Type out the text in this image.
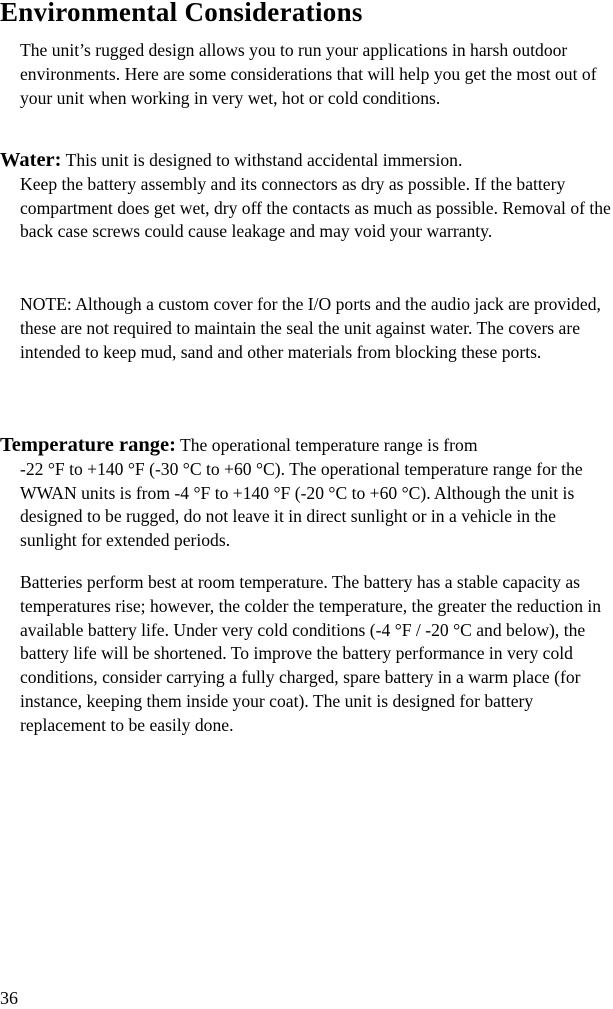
Environmental Considerations

The unit’s rugged design allows you to run your applications in harsh outdoor environments. Here are some considerations that will help you get the most out of your unit when working in very wet, hot or cold conditions.

Water: This unit is designed to withstand accidental immersion.
Keep the battery assembly and its connectors as dry as possible. If the battery compartment does get wet, dry off the contacts as much as possible. Removal of the back case screws could cause leakage and may void your warranty.

NOTE: Although a custom cover for the I/O ports and the audio jack are provided, these are not required to maintain the seal the unit against water. The covers are intended to keep mud, sand and other materials from blocking these ports.

Temperature range: The operational temperature range is from
-22 °F to +140 °F (-30 °C to +60 °C). The operational temperature range for the WWAN units is from -4 °F to +140 °F (-20 °C to +60 °C). Although the unit is designed to be rugged, do not leave it in direct sunlight or in a vehicle in the sunlight for extended periods.

Batteries perform best at room temperature. The battery has a stable capacity as temperatures rise; however, the colder the temperature, the greater the reduction in available battery life. Under very cold conditions (-4 °F / -20 °C and below), the battery life will be shortened. To improve the battery performance in very cold conditions, consider carrying a fully charged, spare battery in a warm place (for instance, keeping them inside your coat). The unit is designed for battery replacement to be easily done.

36
